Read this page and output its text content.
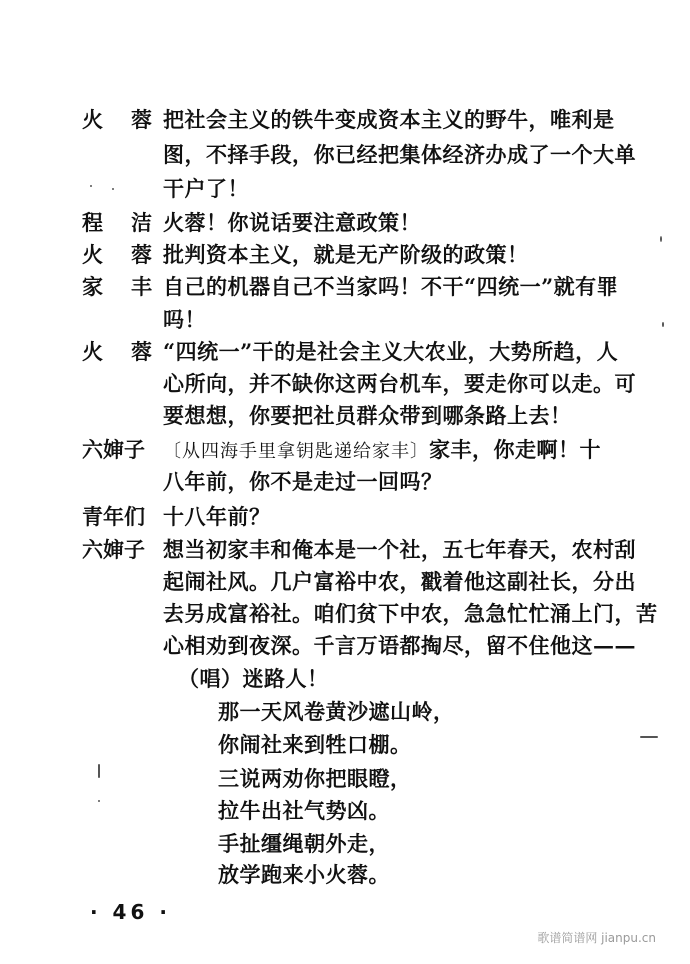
火 蓉 把社会主义的铁牛变成资本主义的野牛，唯利是
图，不择手段，你已经把集体经济办成了一个大单
干户了！
程 洁 火蓉！你说话要注意政策！
火 蓉 批判资本主义，就是无产阶级的政策！
家 丰 自己的机器自己不当家吗！不干“四统一”就有罪
吗！
火 蓉 “四统一”干的是社会主义大农业，大势所趋，人
心所向，并不缺你这两台机车，要走你可以走。可
要想想，你要把社员群众带到哪条路上去！
六婶子	〔从四海手里拿钥匙递给家丰〕家丰，你走啊！十
八年前，你不是走过一回吗？
青年们 十八年前？
六婶子 想当初家丰和俺本是一个社，五七年春天，农村刮
起闹社风。几户富裕中农，戳着他这副社长，分出
去另成富裕社。咱们贫下中农，急急忙忙涌上门，苦
心相劝到夜深。千言万语都掏尽，留不住他这——
（唱）迷路人！
那一天风卷黄沙遮山岭，
你闹社来到牲口棚。
三说两劝你把眼瞪，
拉牛出社气势凶。
手扯缰绳朝外走，
放学跑来小火蓉。
· 46 ·
歌谱简谱网 jianpu.cn
